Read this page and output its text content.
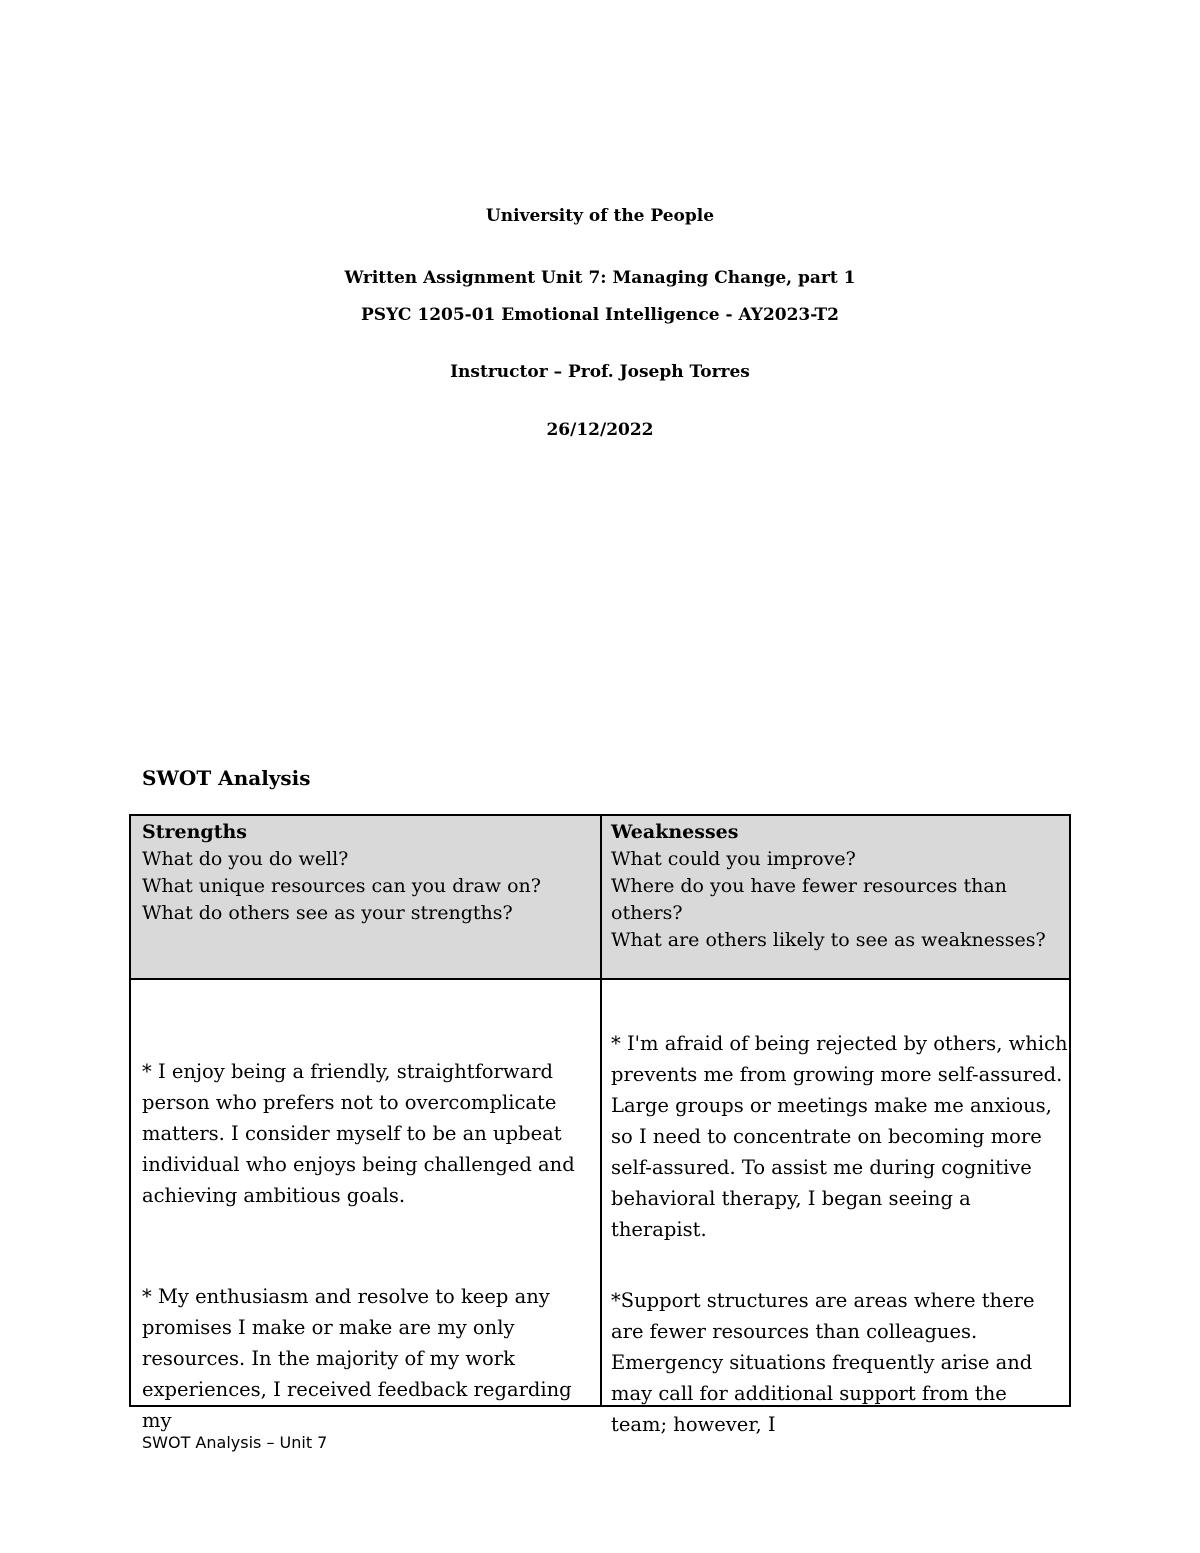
University of the People
Written Assignment Unit 7: Managing Change, part 1
PSYC 1205-01 Emotional Intelligence - AY2023-T2
Instructor – Prof. Joseph Torres
26/12/2022
SWOT Analysis
Strengths
What do you do well?
What unique resources can you draw on?
What do others see as your strengths?
Weaknesses
What could you improve?
Where do you have fewer resources than others?
What are others likely to see as weaknesses?
* I enjoy being a friendly, straightforward person who prefers not to overcomplicate matters. I consider myself to be an upbeat individual who enjoys being challenged and achieving ambitious goals.
* I'm afraid of being rejected by others, which prevents me from growing more self-assured. Large groups or meetings make me anxious, so I need to concentrate on becoming more self-assured. To assist me during cognitive behavioral therapy, I began seeing a therapist.
* My enthusiasm and resolve to keep any promises I make or make are my only resources. In the majority of my work experiences, I received feedback regarding my
*Support structures are areas where there are fewer resources than colleagues. Emergency situations frequently arise and may call for additional support from the team; however, I
SWOT Analysis – Unit 7
